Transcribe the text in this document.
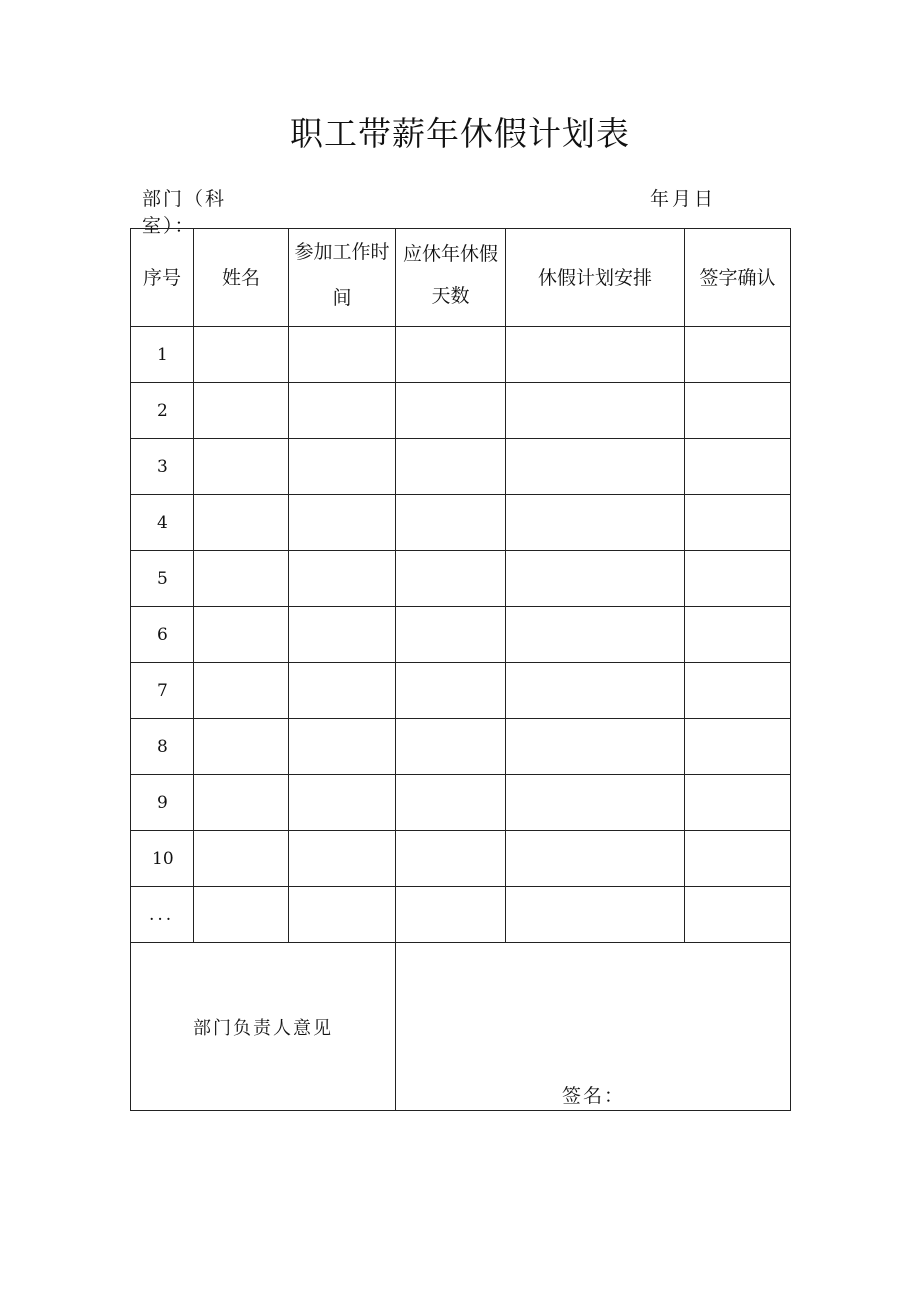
职工带薪年休假计划表
部门（科室）：
年月日
序号	姓名	参加工作时间	应休年休假天数	休假计划安排	签字确认
1					
2					
3					
4					
5					
6					
7					
8					
9					
10					
...					
部门负责人意见			签名：		
